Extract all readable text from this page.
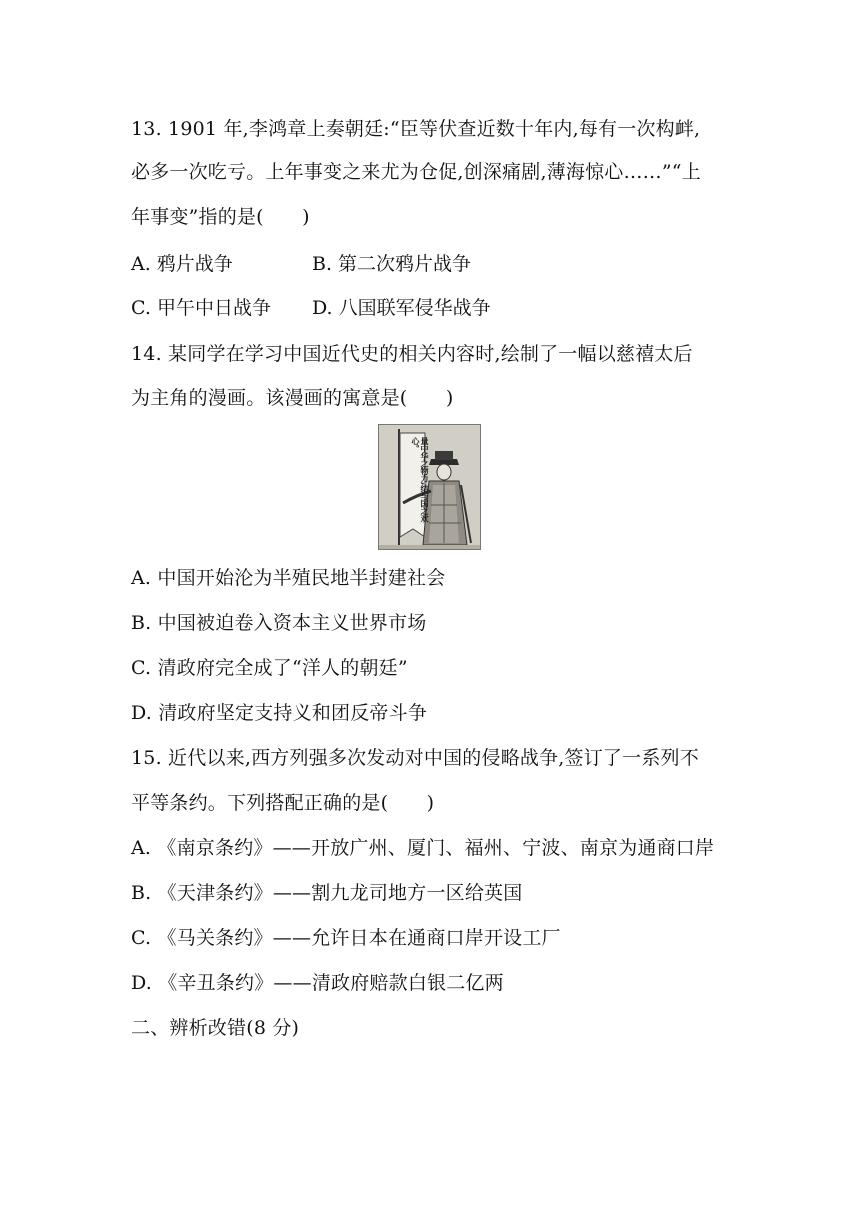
13. 1901 年,李鸿章上奏朝廷:“臣等伏查近数十年内,每有一次构衅,
必多一次吃亏。上年事变之来尤为仓促,创深痛剧,薄海惊心……”“上
年事变”指的是(　　)
A. 鸦片战争	B. 第二次鸦片战争
C. 甲午中日战争 D. 八国联军侵华战争
14. 某同学在学习中国近代史的相关内容时,绘制了一幅以慈禧太后
为主角的漫画。该漫画的寓意是(　　)
量中华之物力,结与国之欢心。
A. 中国开始沦为半殖民地半封建社会
B. 中国被迫卷入资本主义世界市场
C. 清政府完全成了“洋人的朝廷”
D. 清政府坚定支持义和团反帝斗争
15. 近代以来,西方列强多次发动对中国的侵略战争,签订了一系列不
平等条约。下列搭配正确的是(　　)
A. 《南京条约》——开放广州、厦门、福州、宁波、南京为通商口岸
B. 《天津条约》——割九龙司地方一区给英国
C. 《马关条约》——允许日本在通商口岸开设工厂
D. 《辛丑条约》——清政府赔款白银二亿两
二、辨析改错(8 分)
